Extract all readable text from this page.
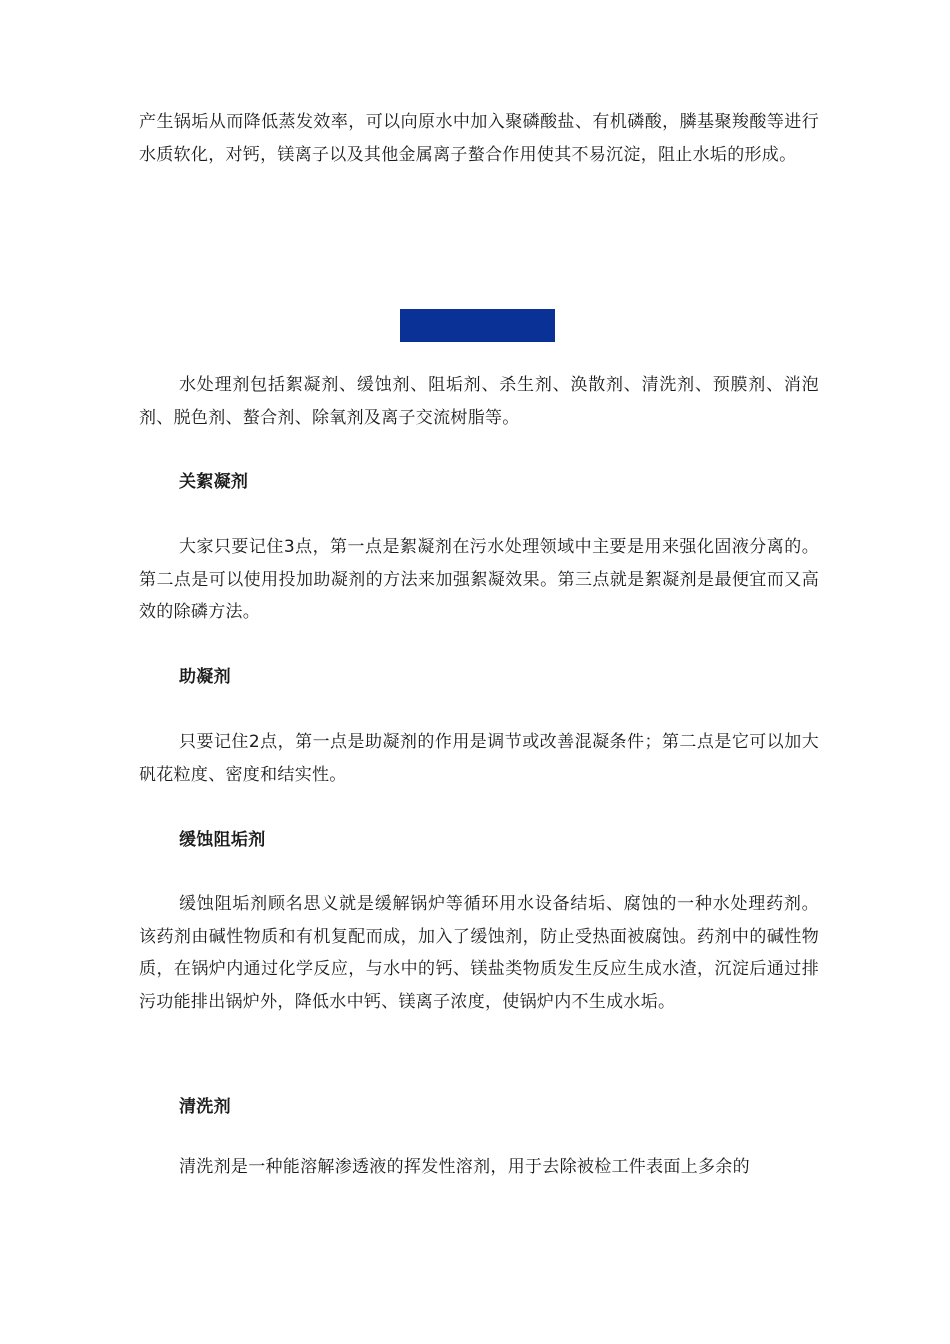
产生锅垢从而降低蒸发效率，可以向原水中加入聚磷酸盐、有机磷酸，膦基聚羧酸等进行水质软化，对钙，镁离子以及其他金属离子螯合作用使其不易沉淀，阻止水垢的形成。

水处理剂包括絮凝剂、缓蚀剂、阻垢剂、杀生剂、涣散剂、清洗剂、预膜剂、消泡剂、脱色剂、螯合剂、除氧剂及离子交流树脂等。

关絮凝剂

大家只要记住3点，第一点是絮凝剂在污水处理领域中主要是用来强化固液分离的。第二点是可以使用投加助凝剂的方法来加强絮凝效果。第三点就是絮凝剂是最便宜而又高效的除磷方法。

助凝剂

只要记住2点，第一点是助凝剂的作用是调节或改善混凝条件；第二点是它可以加大矾花粒度、密度和结实性。

缓蚀阻垢剂

缓蚀阻垢剂顾名思义就是缓解锅炉等循环用水设备结垢、腐蚀的一种水处理药剂。该药剂由碱性物质和有机复配而成，加入了缓蚀剂，防止受热面被腐蚀。药剂中的碱性物质，在锅炉内通过化学反应，与水中的钙、镁盐类物质发生反应生成水渣，沉淀后通过排污功能排出锅炉外，降低水中钙、镁离子浓度，使锅炉内不生成水垢。

清洗剂

清洗剂是一种能溶解渗透液的挥发性溶剂，用于去除被检工件表面上多余的
